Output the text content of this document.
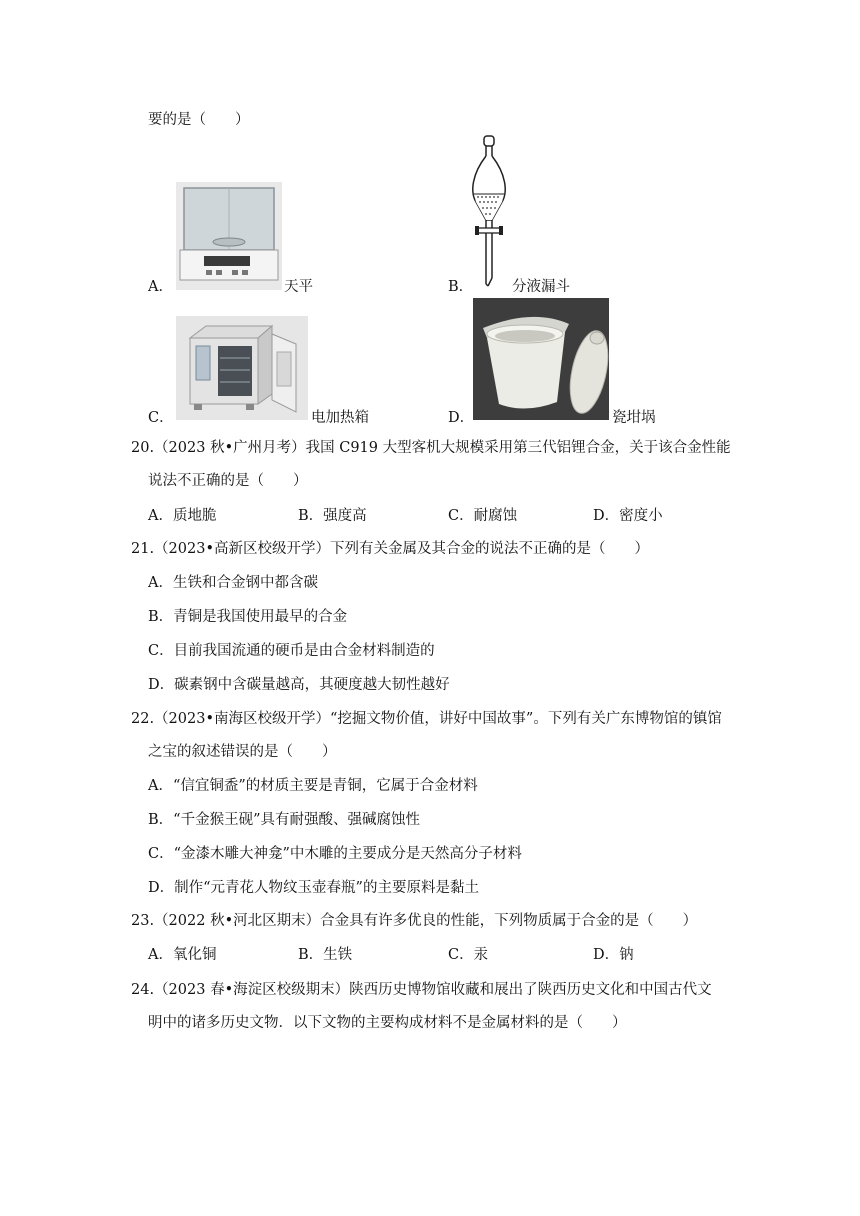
要的是（　　）
A．	天平	B．	分液漏斗
C．	电加热箱	D．	瓷坩埚
20.（2023 秋•广州月考）我国 C919 大型客机大规模采用第三代铝锂合金，关于该合金性能
说法不正确的是（　　）
A．质地脆	B．强度高	C．耐腐蚀	D．密度小
21.（2023•高新区校级开学）下列有关金属及其合金的说法不正确的是（　　）
A．生铁和合金钢中都含碳
B．青铜是我国使用最早的合金
C．目前我国流通的硬币是由合金材料制造的
D．碳素钢中含碳量越高，其硬度越大韧性越好
22.（2023•南海区校级开学）“挖掘文物价值，讲好中国故事”。下列有关广东博物馆的镇馆
之宝的叙述错误的是（　　）
A．“信宜铜盉”的材质主要是青铜，它属于合金材料
B．“千金猴王砚”具有耐强酸、强碱腐蚀性
C．“金漆木雕大神龛”中木雕的主要成分是天然高分子材料
D．制作“元青花人物纹玉壶春瓶”的主要原料是黏土
23.（2022 秋•河北区期末）合金具有许多优良的性能，下列物质属于合金的是（　　）
A．氧化铜	B．生铁	C．汞	D．钠
24.（2023 春•海淀区校级期末）陕西历史博物馆收藏和展出了陕西历史文化和中国古代文
明中的诸多历史文物．以下文物的主要构成材料不是金属材料的是（　　）
